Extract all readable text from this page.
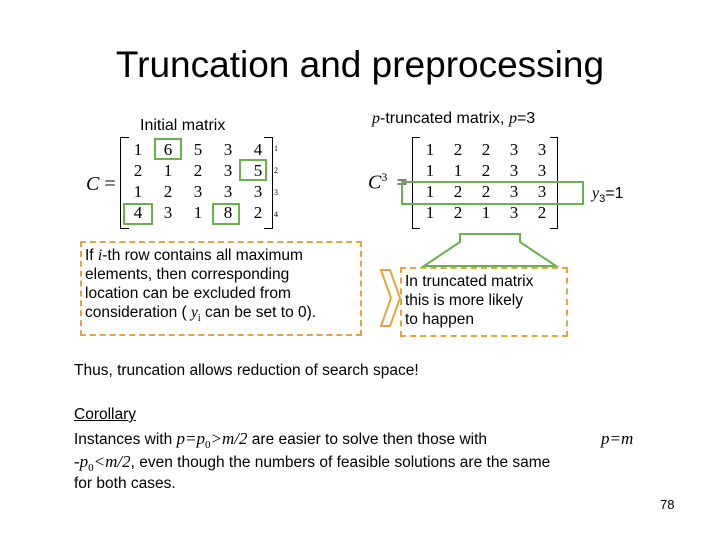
Truncation and preprocessing
Initial matrix	p-truncated matrix, p=3
C =
1	6	5	3	4
2	1	2	3	5
1	2	3	3	3
4	3	1	8	2
1
2
3
4
$C^3$ =
1	2	2	3	3
1	1	2	3	3
1	2	2	3	3
1	2	1	3	2
$y_3=1$
If i-th row contains all maximum
elements, then corresponding
location can be excluded from
consideration ( $y_i$ can be set to 0).
In truncated matrix
this is more likely
to happen
Thus, truncation allows reduction of search space!
Corollary
Instances with $p=p_0>m/2$ are easier to solve then those with	p=m
$-p_0<m/2$, even though the numbers of feasible solutions are the same
for both cases.
78
